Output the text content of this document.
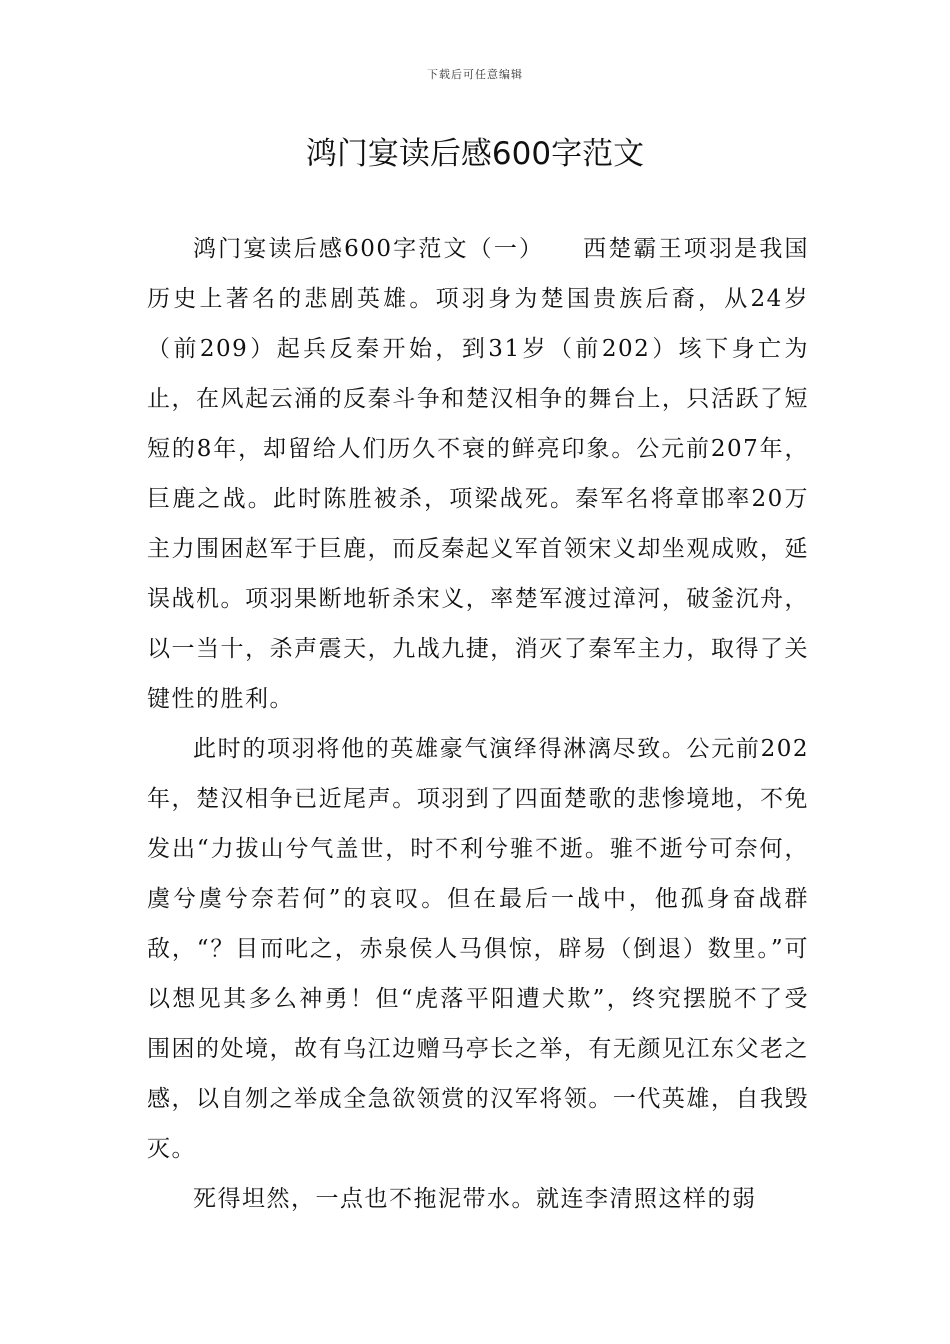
下载后可任意编辑
鸿门宴读后感600字范文

鸿门宴读后感600字范文（一）　　西楚霸王项羽是我国历史上著名的悲剧英雄。项羽身为楚国贵族后裔，从24岁（前209）起兵反秦开始，到31岁（前202）垓下身亡为止，在风起云涌的反秦斗争和楚汉相争的舞台上，只活跃了短短的8年，却留给人们历久不衰的鲜亮印象。公元前207年，巨鹿之战。此时陈胜被杀，项梁战死。秦军名将章邯率20万主力围困赵军于巨鹿，而反秦起义军首领宋义却坐观成败，延误战机。项羽果断地斩杀宋义，率楚军渡过漳河，破釜沉舟，以一当十，杀声震天，九战九捷，消灭了秦军主力，取得了关键性的胜利。

此时的项羽将他的英雄豪气演绎得淋漓尽致。公元前202年，楚汉相争已近尾声。项羽到了四面楚歌的悲惨境地，不免发出“力拔山兮气盖世，时不利兮骓不逝。骓不逝兮可奈何，虞兮虞兮奈若何”的哀叹。但在最后一战中，他孤身奋战群敌，“？目而叱之，赤泉侯人马俱惊，辟易（倒退）数里。”可以想见其多么神勇！但“虎落平阳遭犬欺”，终究摆脱不了受围困的处境，故有乌江边赠马亭长之举，有无颜见江东父老之感，以自刎之举成全急欲领赏的汉军将领。一代英雄，自我毁灭。

死得坦然，一点也不拖泥带水。就连李清照这样的弱
